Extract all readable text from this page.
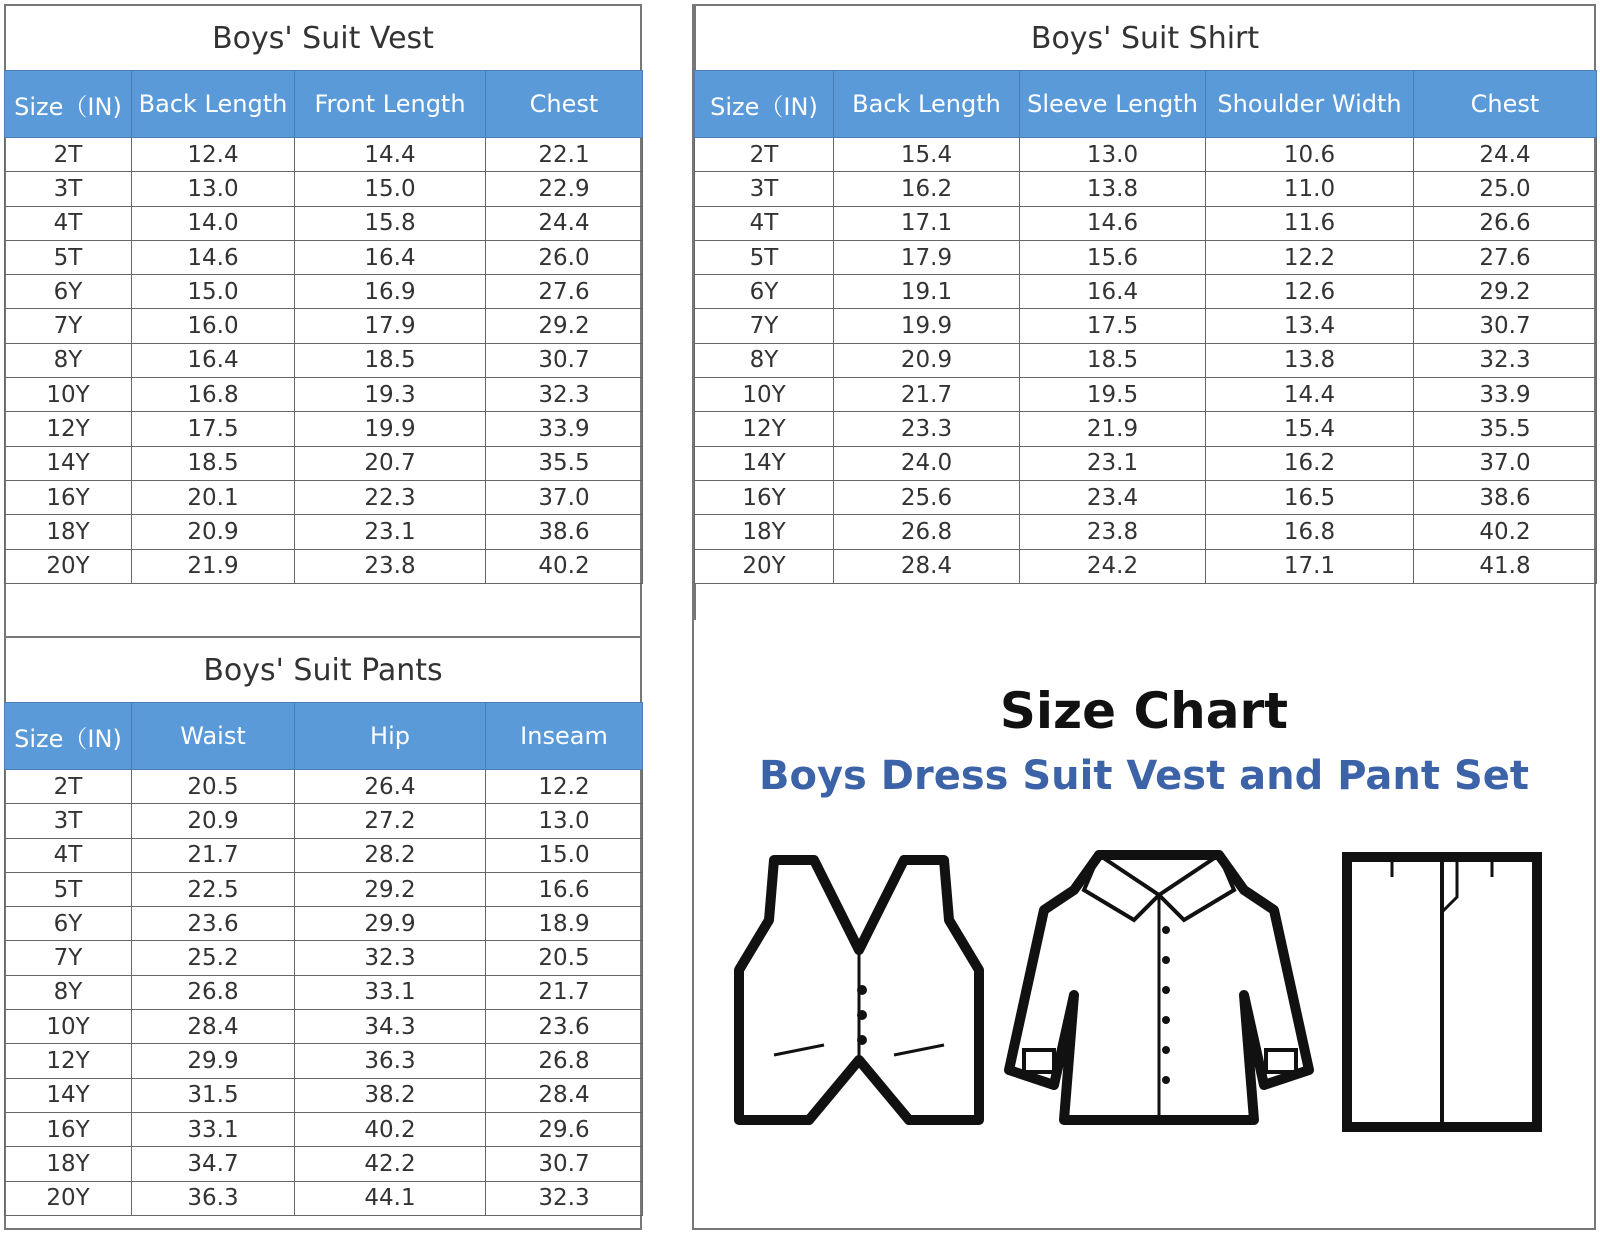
Boys' Suit Vest
Size（IN)	Back Length	Front Length	Chest
2T	12.4	14.4	22.1
3T	13.0	15.0	22.9
4T	14.0	15.8	24.4
5T	14.6	16.4	26.0
6Y	15.0	16.9	27.6
7Y	16.0	17.9	29.2
8Y	16.4	18.5	30.7
10Y	16.8	19.3	32.3
12Y	17.5	19.9	33.9
14Y	18.5	20.7	35.5
16Y	20.1	22.3	37.0
18Y	20.9	23.1	38.6
20Y	21.9	23.8	40.2
Boys' Suit Pants
Size（IN)	Waist	Hip	Inseam
2T	20.5	26.4	12.2
3T	20.9	27.2	13.0
4T	21.7	28.2	15.0
5T	22.5	29.2	16.6
6Y	23.6	29.9	18.9
7Y	25.2	32.3	20.5
8Y	26.8	33.1	21.7
10Y	28.4	34.3	23.6
12Y	29.9	36.3	26.8
14Y	31.5	38.2	28.4
16Y	33.1	40.2	29.6
18Y	34.7	42.2	30.7
20Y	36.3	44.1	32.3
Boys' Suit Shirt
Size（IN)	Back Length	Sleeve Length	Shoulder Width	Chest
2T	15.4	13.0	10.6	24.4
3T	16.2	13.8	11.0	25.0
4T	17.1	14.6	11.6	26.6
5T	17.9	15.6	12.2	27.6
6Y	19.1	16.4	12.6	29.2
7Y	19.9	17.5	13.4	30.7
8Y	20.9	18.5	13.8	32.3
10Y	21.7	19.5	14.4	33.9
12Y	23.3	21.9	15.4	35.5
14Y	24.0	23.1	16.2	37.0
16Y	25.6	23.4	16.5	38.6
18Y	26.8	23.8	16.8	40.2
20Y	28.4	24.2	17.1	41.8
Size Chart
Boys Dress Suit Vest and Pant Set
